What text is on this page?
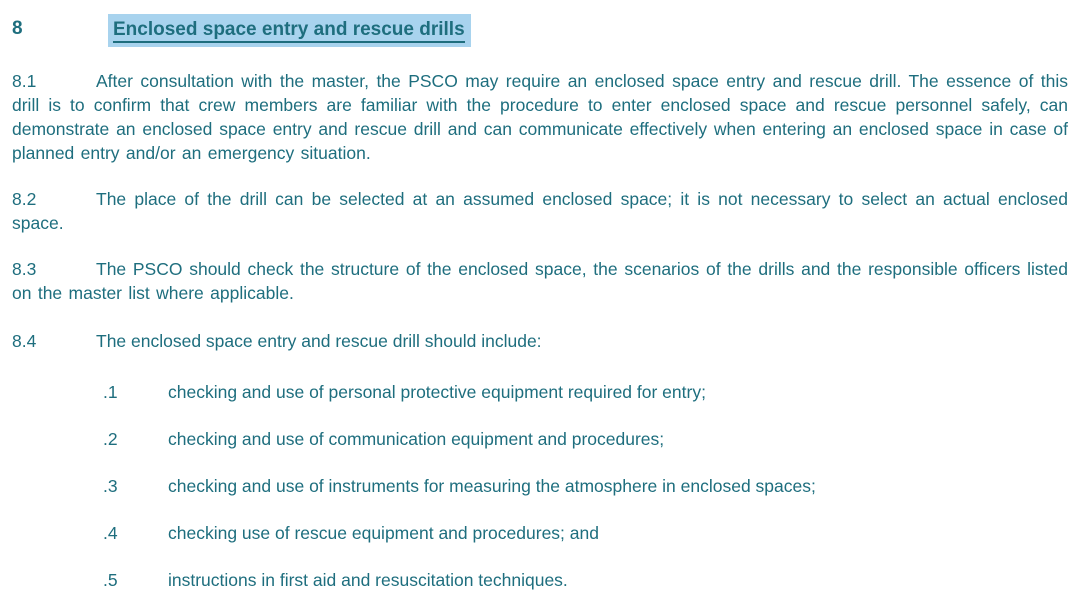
8	Enclosed space entry and rescue drills

8.1	After consultation with the master, the PSCO may require an enclosed space entry and rescue drill. The essence of this drill is to confirm that crew members are familiar with the procedure to enter enclosed space and rescue personnel safely, can demonstrate an enclosed space entry and rescue drill and can communicate effectively when entering an enclosed space in case of planned entry and/or an emergency situation.

8.2	The place of the drill can be selected at an assumed enclosed space; it is not necessary to select an actual enclosed space.

8.3	The PSCO should check the structure of the enclosed space, the scenarios of the drills and the responsible officers listed on the master list where applicable.

8.4	The enclosed space entry and rescue drill should include:

.1	checking and use of personal protective equipment required for entry;

.2	checking and use of communication equipment and procedures;

.3	checking and use of instruments for measuring the atmosphere in enclosed spaces;

.4	checking use of rescue equipment and procedures; and

.5	instructions in first aid and resuscitation techniques.
